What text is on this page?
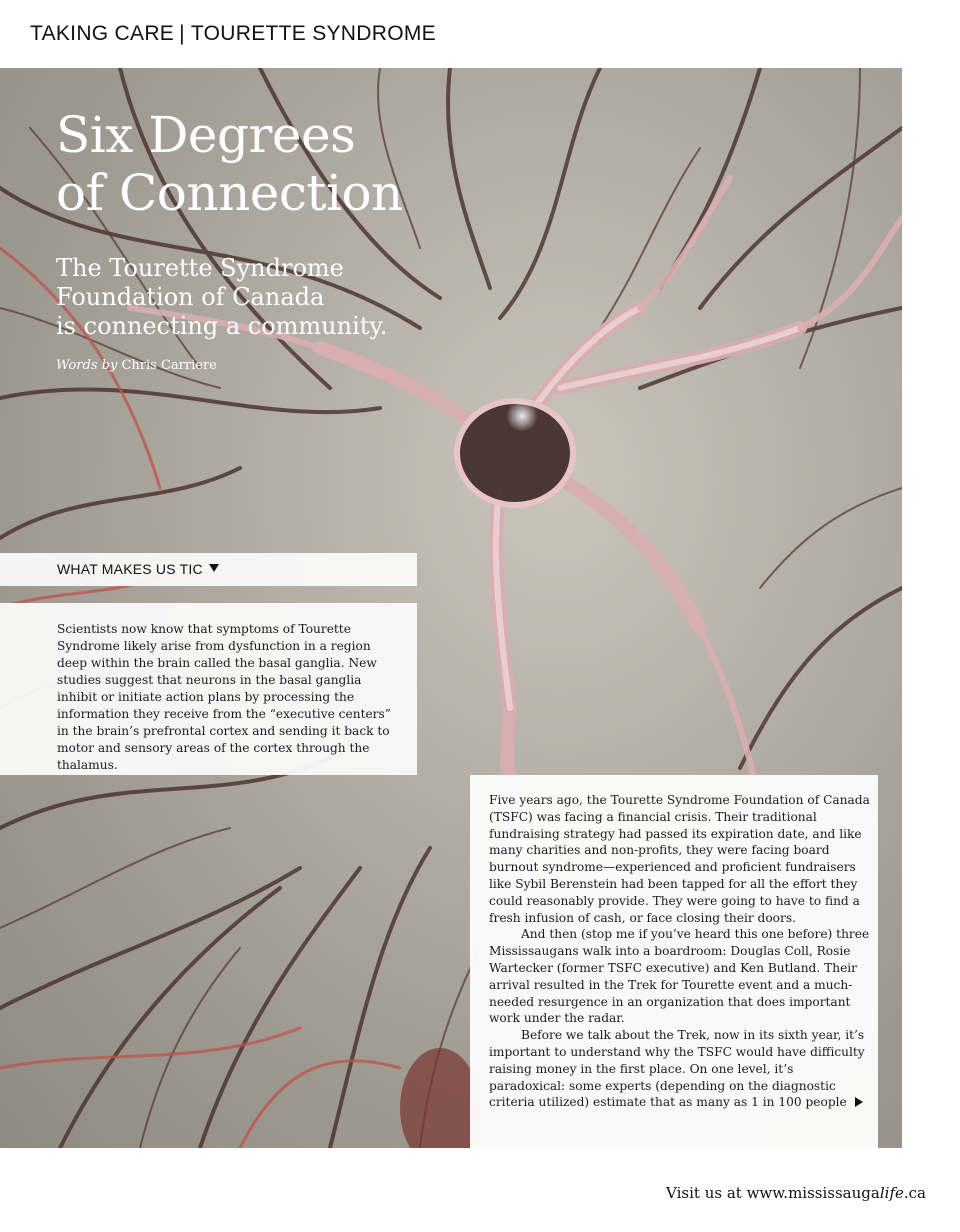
TAKING CARE | TOURETTE SYNDROME
Six Degrees
of Connection
The Tourette Syndrome
Foundation of Canada
is connecting a community.
Words by Chris Carriere
WHAT MAKES US TIC

Scientists now know that symptoms of Tourette Syndrome likely arise from dysfunction in a region deep within the brain called the basal ganglia. New studies suggest that neurons in the basal ganglia inhibit or initiate action plans by processing the information they receive from the “executive centers” in the brain’s prefrontal cortex and sending it back to motor and sensory areas of the cortex through the thalamus.

Five years ago, the Tourette Syndrome Foundation of Canada (TSFC) was facing a financial crisis. Their traditional fundraising strategy had passed its expiration date, and like many charities and non-profits, they were facing board burnout syndrome—experienced and proficient fundraisers like Sybil Berenstein had been tapped for all the effort they could reasonably provide. They were going to have to find a fresh infusion of cash, or face closing their doors.

And then (stop me if you’ve heard this one before) three Mississaugans walk into a boardroom: Douglas Coll, Rosie Wartecker (former TSFC executive) and Ken Butland. Their arrival resulted in the Trek for Tourette event and a much-needed resurgence in an organization that does important work under the radar.

Before we talk about the Trek, now in its sixth year, it’s important to understand why the TSFC would have difficulty raising money in the first place. On one level, it’s paradoxical: some experts (depending on the diagnostic criteria utilized) estimate that as many as 1 in 100 people

Visit us at www.mississaugalife.ca
